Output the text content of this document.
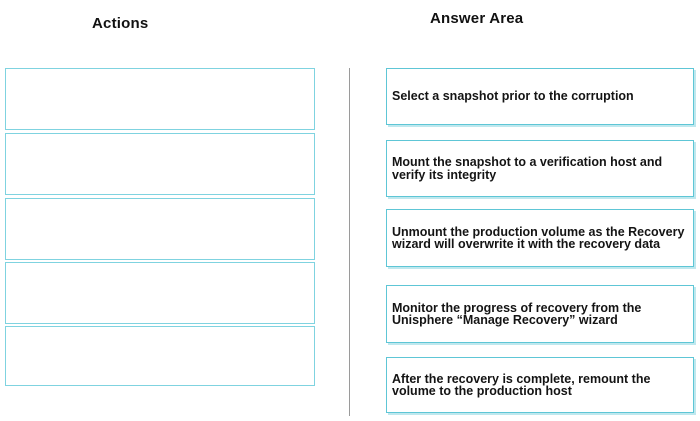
Actions	Answer Area
Select a snapshot prior to the corruption
Mount the snapshot to a verification host and verify its integrity
Unmount the production volume as the Recovery wizard will overwrite it with the recovery data
Monitor the progress of recovery from the Unisphere “Manage Recovery” wizard
After the recovery is complete, remount the volume to the production host
